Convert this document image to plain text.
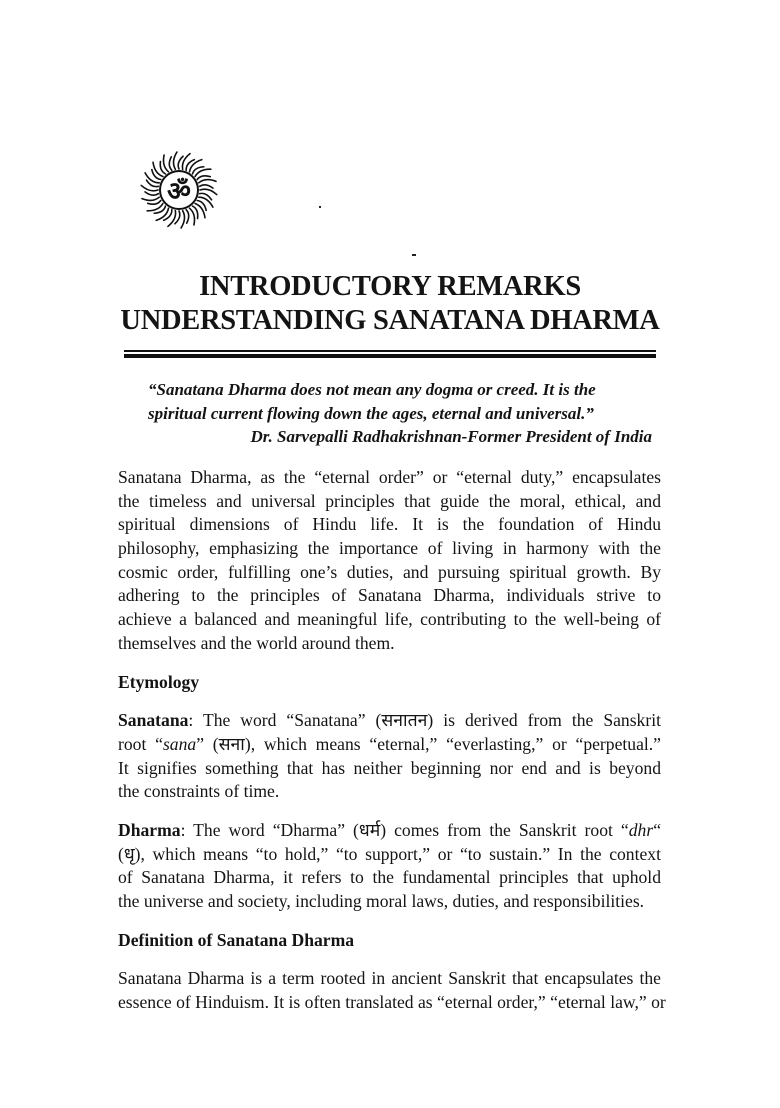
ॐ
INTRODUCTORY REMARKS
UNDERSTANDING SANATANA DHARMA
“Sanatana Dharma does not mean any dogma or creed. It is the
spiritual current flowing down the ages, eternal and universal.”
Dr. Sarvepalli Radhakrishnan-Former President of India
Sanatana Dharma, as the “eternal order” or “eternal duty,” encapsulates
the timeless and universal principles that guide the moral, ethical, and
spiritual dimensions of Hindu life. It is the foundation of Hindu
philosophy, emphasizing the importance of living in harmony with the
cosmic order, fulfilling one’s duties, and pursuing spiritual growth. By
adhering to the principles of Sanatana Dharma, individuals strive to
achieve a balanced and meaningful life, contributing to the well-being of
themselves and the world around them.
Etymology
Sanatana: The word “Sanatana” (सनातन) is derived from the Sanskrit
root “sana” (सना), which means “eternal,” “everlasting,” or “perpetual.”
It signifies something that has neither beginning nor end and is beyond
the constraints of time.
Dharma: The word “Dharma” (धर्म) comes from the Sanskrit root “dhr“
(धृ), which means “to hold,” “to support,” or “to sustain.” In the context
of Sanatana Dharma, it refers to the fundamental principles that uphold
the universe and society, including moral laws, duties, and responsibilities.
Definition of Sanatana Dharma
Sanatana Dharma is a term rooted in ancient Sanskrit that encapsulates the
essence of Hinduism. It is often translated as “eternal order,” “eternal law,” or
